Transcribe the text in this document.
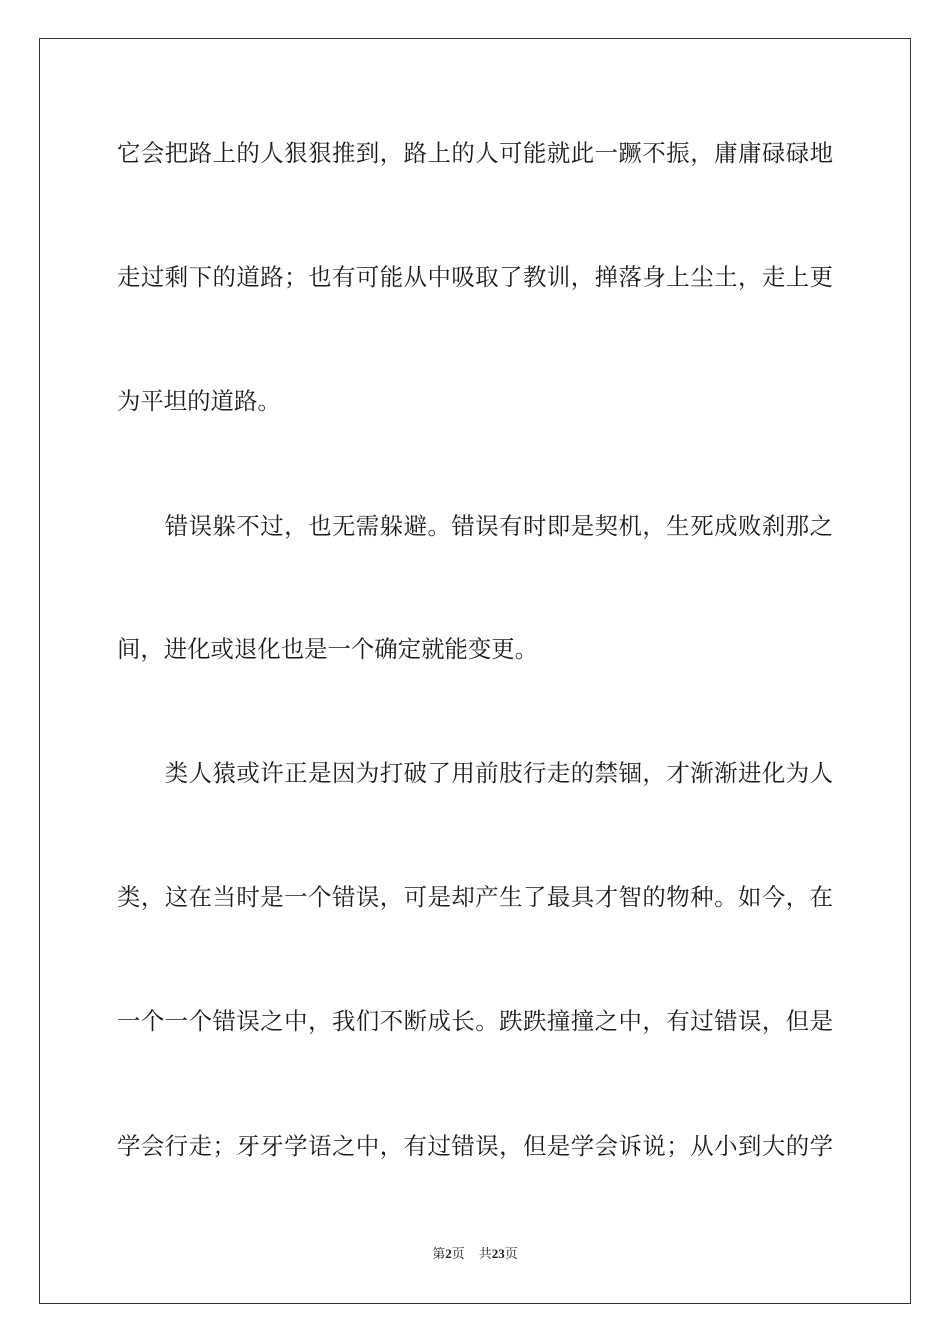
它会把路上的人狠狠推到，路上的人可能就此一蹶不振，庸庸碌碌地
走过剩下的道路；也有可能从中吸取了教训，掸落身上尘土，走上更
为平坦的道路。
　　错误躲不过，也无需躲避。错误有时即是契机，生死成败刹那之
间，进化或退化也是一个确定就能变更。
　　类人猿或许正是因为打破了用前肢行走的禁锢，才渐渐进化为人
类，这在当时是一个错误，可是却产生了最具才智的物种。如今，在
一个一个错误之中，我们不断成长。跌跌撞撞之中，有过错误，但是
学会行走；牙牙学语之中，有过错误，但是学会诉说；从小到大的学
第2页 共23页
